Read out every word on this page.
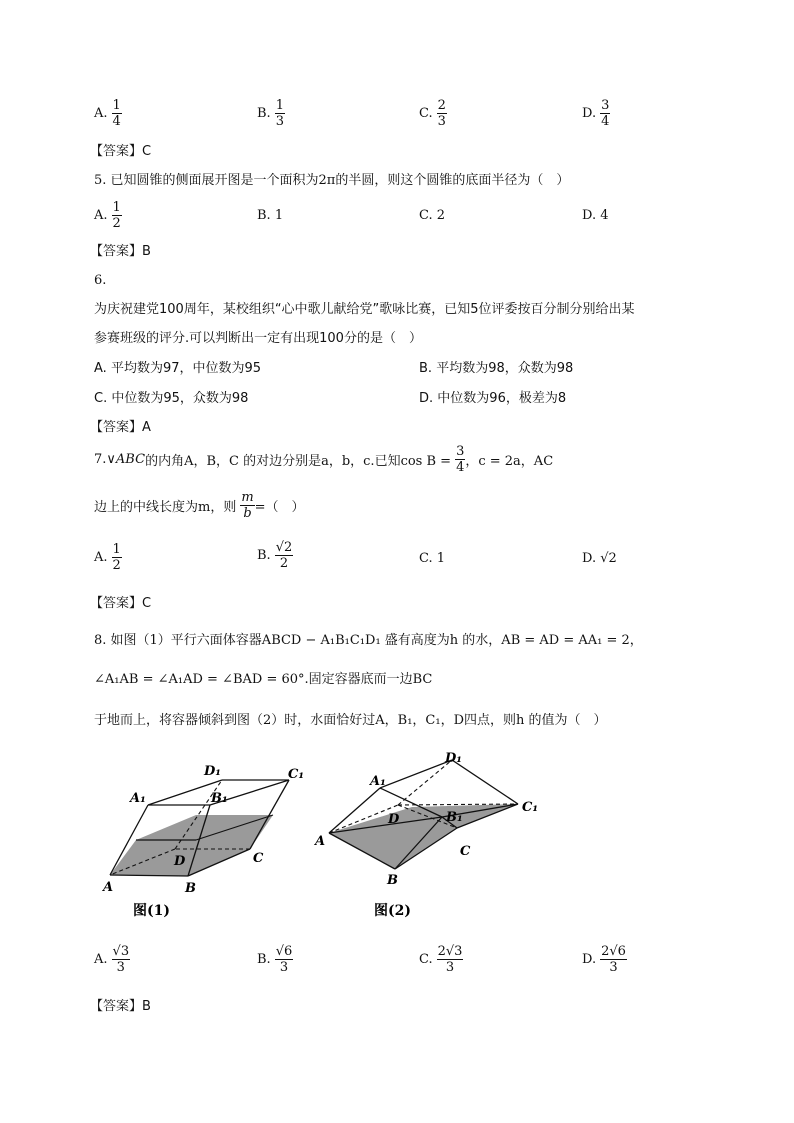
A. $\frac{1}{4}$	B. $\frac{1}{3}$	C. $\frac{2}{3}$	D. $\frac{3}{4}$
【答案】C
5. 已知圆锥的侧面展开图是一个面积为2π的半圆，则这个圆锥的底面半径为（　）
A. $\frac{1}{2}$	B. 1	C. 2	D. 4
【答案】B
6.
为庆祝建党100周年，某校组织“心中歌儿献给党”歌咏比赛，已知5位评委按百分制分别给出某
参赛班级的评分.可以判断出一定有出现100分的是（　）
A. 平均数为97，中位数为95	B. 平均数为98，众数为98
C. 中位数为95，众数为98	D. 中位数为96，极差为8
【答案】A
7.∨ABC的内角A，B，C 的对边分别是a，b，c.已知$\cos B = \frac{3}{4}$ ，c = 2a，AC
边上的中线长度为m，则 $\frac{m}{b}$ =（　）
A. $\frac{1}{2}$	B. $\frac{√2}{2}$	C. 1	D. √2
【答案】C
8. 如图（1）平行六面体容器ABCD − A₁B₁C₁D₁ 盛有高度为h 的水，AB = AD = AA₁ = 2，
∠A₁AB = ∠A₁AD = ∠BAD = 60°.固定容器底而一边BC
于地而上，将容器倾斜到图（2）时，水面恰好过A，B₁，C₁，D四点，则h 的值为（　）
A	B
C
D
A₁	B₁
C₁
D₁
图(1)
A
B
C
D
A₁
B₁
C₁
D₁
图(2)
A. $\frac{√3}{3}$	B. $\frac{√6}{3}$	C. $\frac{2√3}{3}$	D. $\frac{2√6}{3}$
【答案】B
